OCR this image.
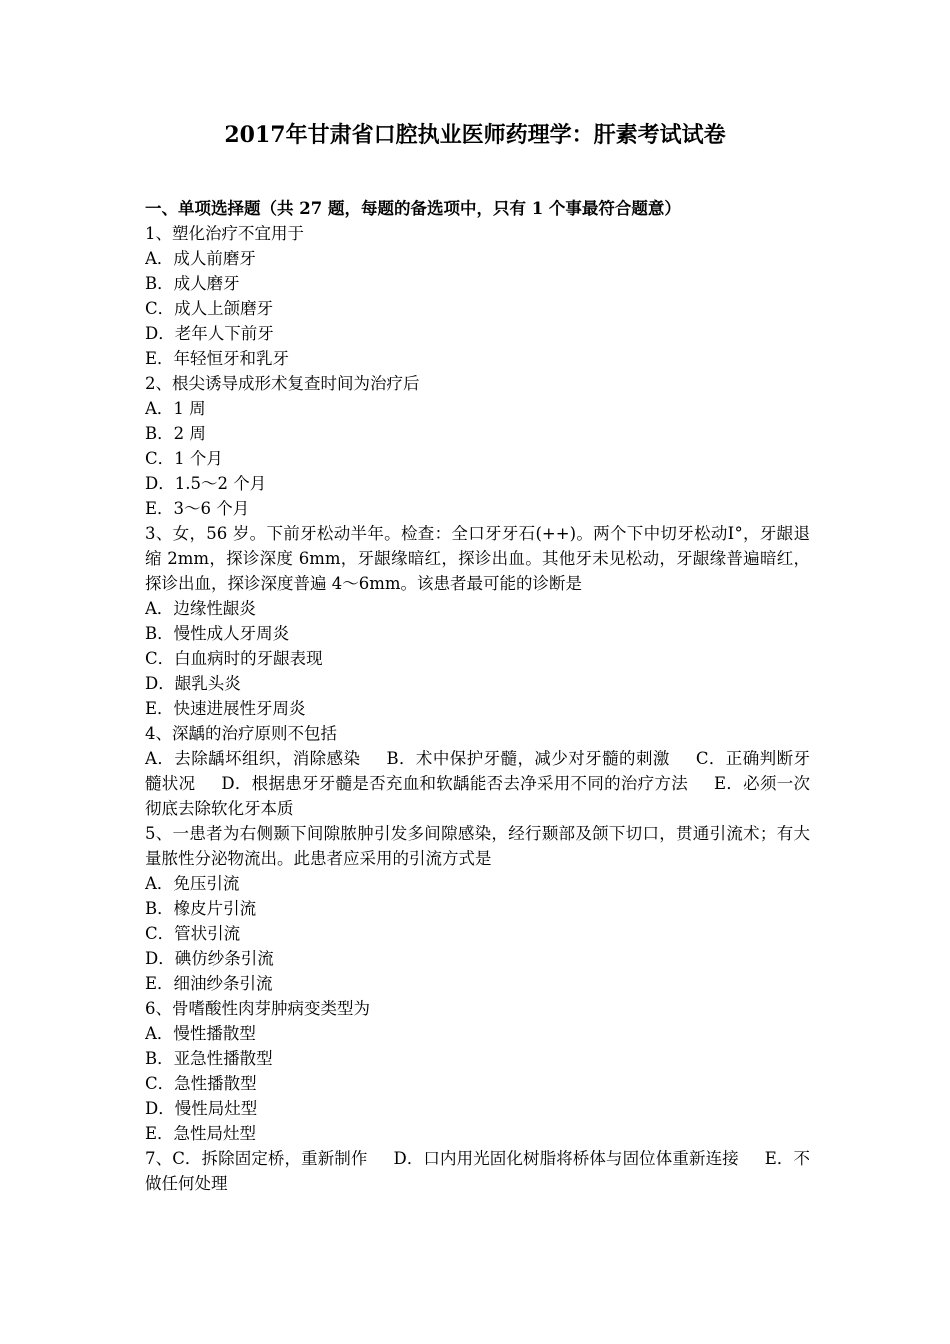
2017年甘肃省口腔执业医师药理学：肝素考试试卷
一、单项选择题（共 27 题，每题的备选项中，只有 1 个事最符合题意）
1、塑化治疗不宜用于
A．成人前磨牙
B．成人磨牙
C．成人上颌磨牙
D．老年人下前牙
E．年轻恒牙和乳牙
2、根尖诱导成形术复查时间为治疗后
A．1 周
B．2 周
C．1 个月
D．1.5～2 个月
E．3～6 个月
3、女，56 岁。下前牙松动半年。检查：全口牙牙石(++)。两个下中切牙松动Ⅰ°，牙龈退缩 2mm，探诊深度 6mm，牙龈缘暗红，探诊出血。其他牙未见松动，牙龈缘普遍暗红，探诊出血，探诊深度普遍 4～6mm。该患者最可能的诊断是
A．边缘性龈炎
B．慢性成人牙周炎
C．白血病时的牙龈表现
D．龈乳头炎
E．快速进展性牙周炎
4、深龋的治疗原则不包括
A．去除龋坏组织，消除感染 B．术中保护牙髓，减少对牙髓的刺激 C．正确判断牙髓状况 D．根据患牙牙髓是否充血和软龋能否去净采用不同的治疗方法 E．必须一次彻底去除软化牙本质
5、一患者为右侧颞下间隙脓肿引发多间隙感染，经行颞部及颌下切口，贯通引流术；有大量脓性分泌物流出。此患者应采用的引流方式是
A．免压引流
B．橡皮片引流
C．管状引流
D．碘仿纱条引流
E．细油纱条引流
6、骨嗜酸性肉芽肿病变类型为
A．慢性播散型
B．亚急性播散型
C．急性播散型
D．慢性局灶型
E．急性局灶型
7、C．拆除固定桥，重新制作 D．口内用光固化树脂将桥体与固位体重新连接 E．不做任何处理
